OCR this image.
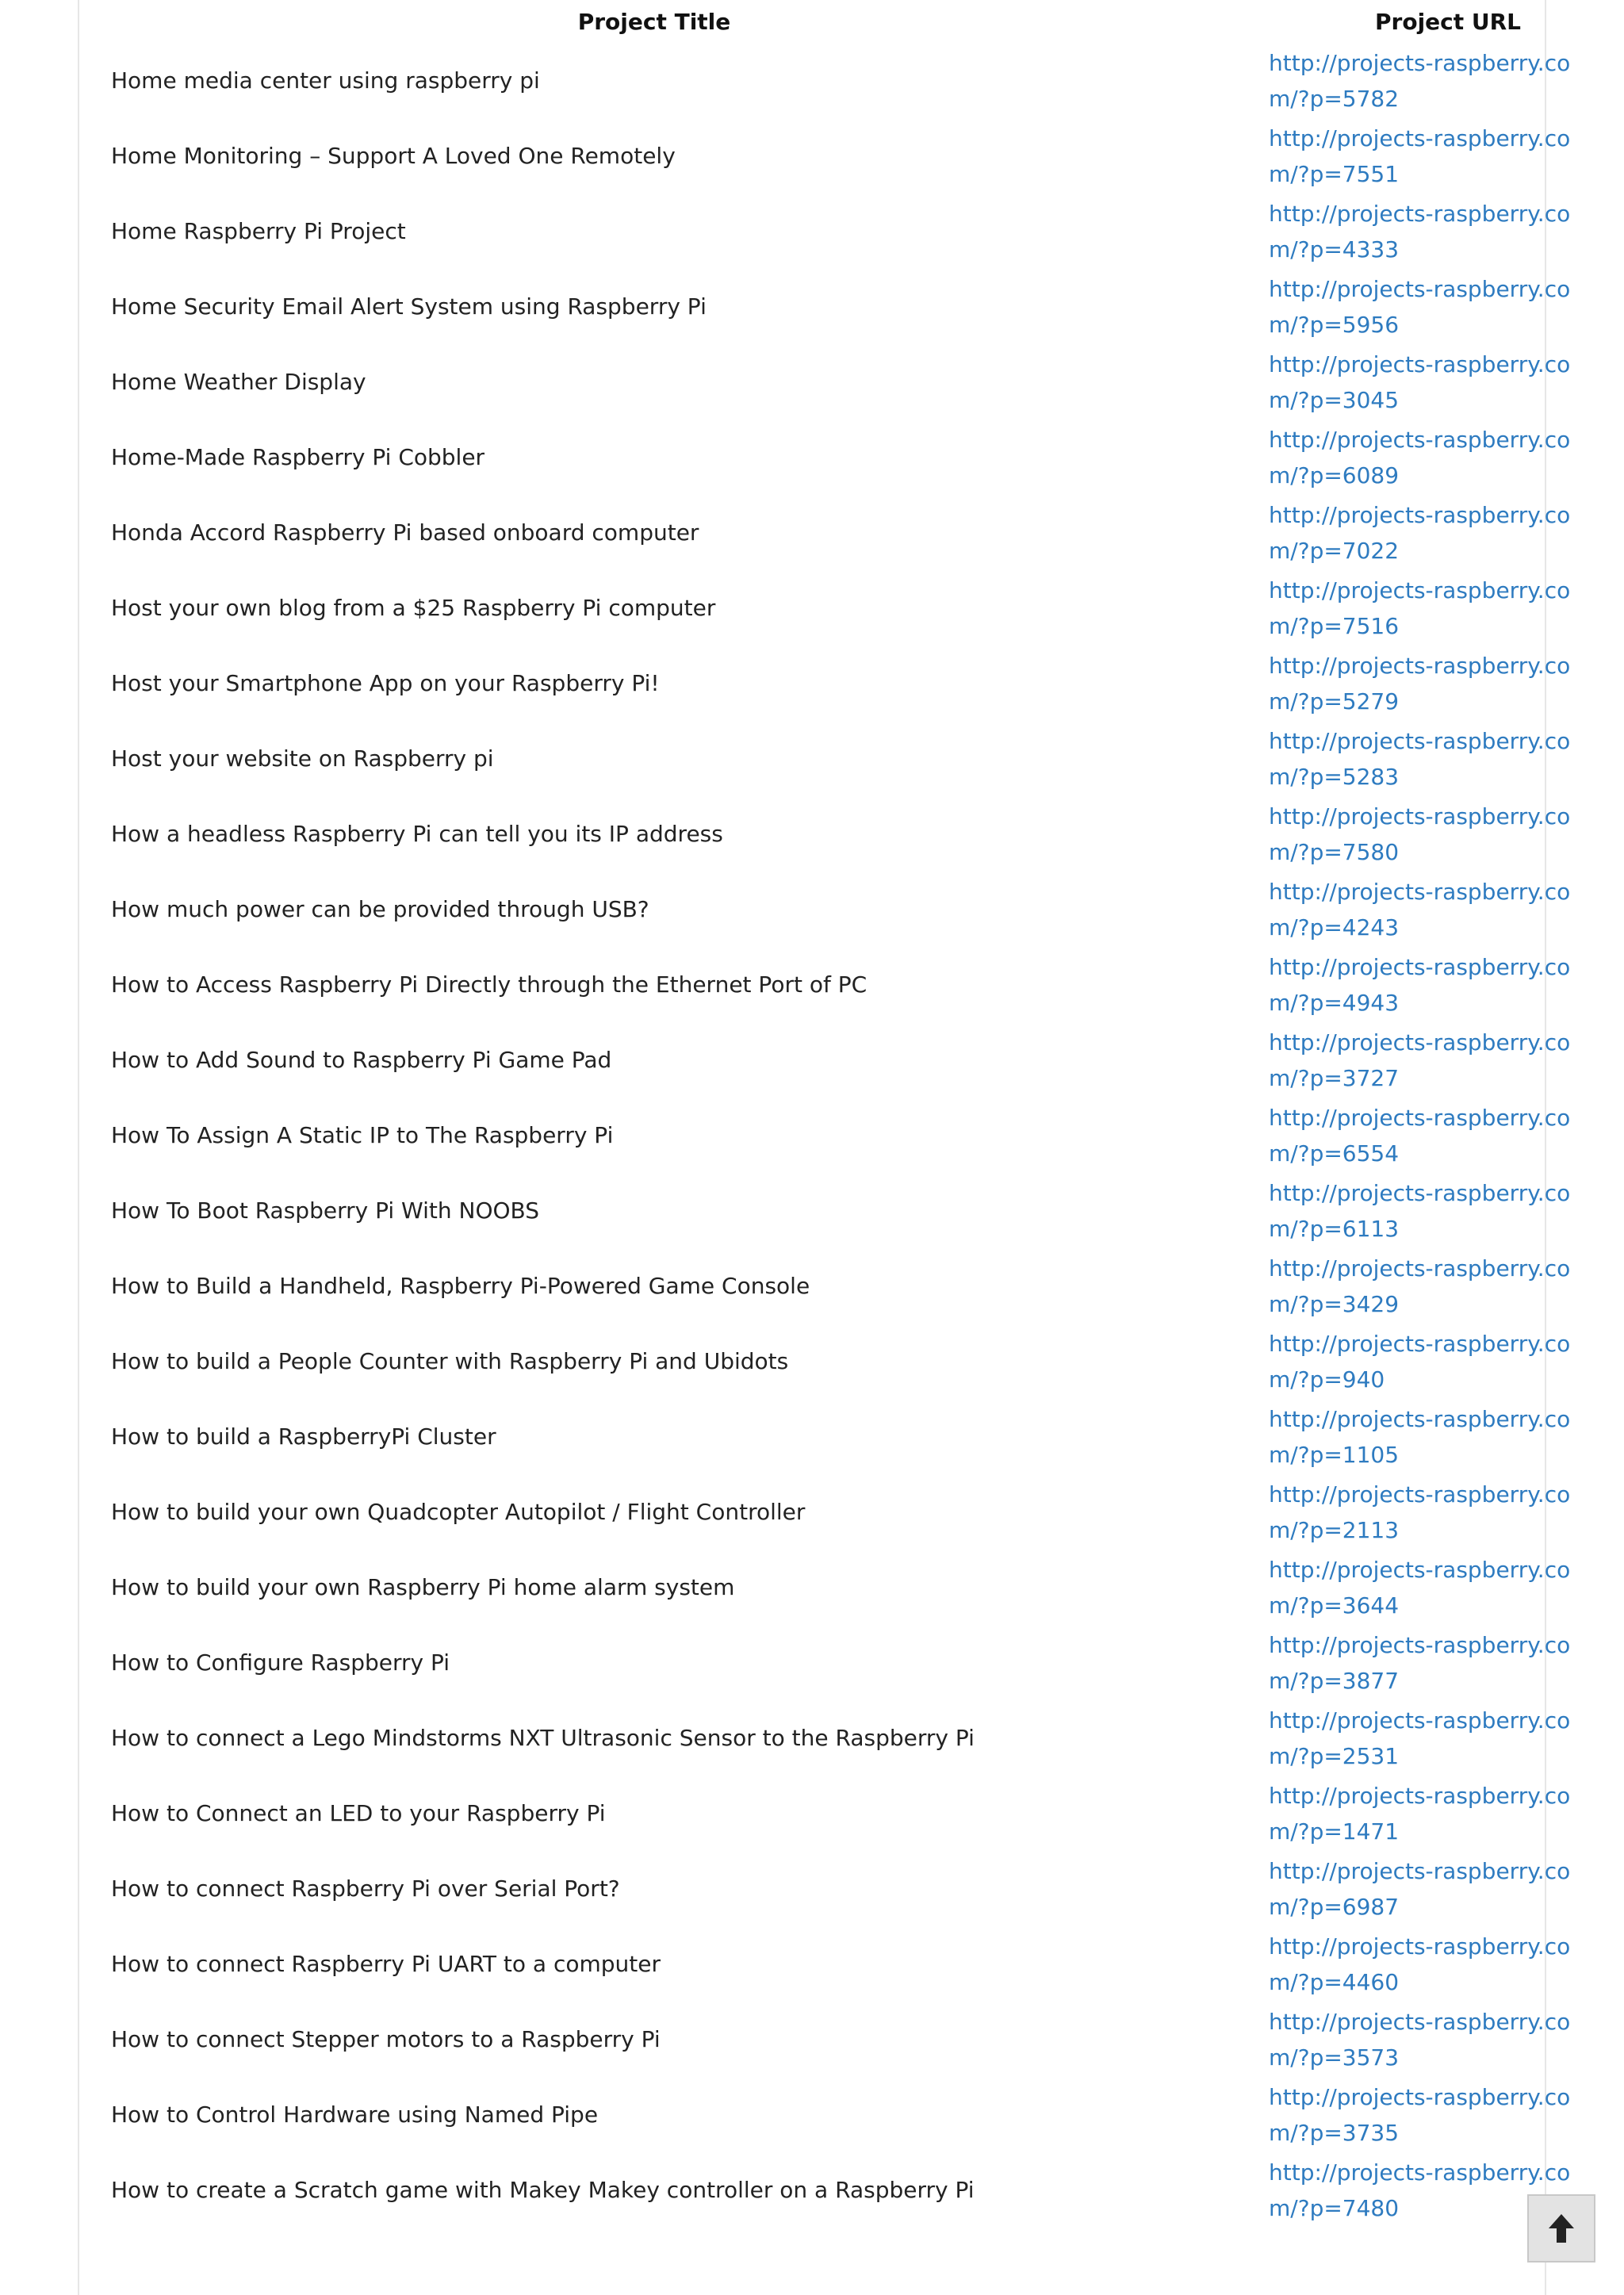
Project Title	Project URL
Home media center using raspberry pi	http://projects-raspberry.com/?p=5782

Home Monitoring – Support A Loved One Remotely	http://projects-raspberry.com/?p=7551

Home Raspberry Pi Project	http://projects-raspberry.com/?p=4333

Home Security Email Alert System using Raspberry Pi	http://projects-raspberry.com/?p=5956

Home Weather Display	http://projects-raspberry.com/?p=3045

Home-Made Raspberry Pi Cobbler	http://projects-raspberry.com/?p=6089

Honda Accord Raspberry Pi based onboard computer	http://projects-raspberry.com/?p=7022

Host your own blog from a $25 Raspberry Pi computer	http://projects-raspberry.com/?p=7516

Host your Smartphone App on your Raspberry Pi!	http://projects-raspberry.com/?p=5279

Host your website on Raspberry pi	http://projects-raspberry.com/?p=5283

How a headless Raspberry Pi can tell you its IP address	http://projects-raspberry.com/?p=7580

How much power can be provided through USB?	http://projects-raspberry.com/?p=4243

How to Access Raspberry Pi Directly through the Ethernet Port of PC	http://projects-raspberry.com/?p=4943

How to Add Sound to Raspberry Pi Game Pad	http://projects-raspberry.com/?p=3727

How To Assign A Static IP to The Raspberry Pi	http://projects-raspberry.com/?p=6554

How To Boot Raspberry Pi With NOOBS	http://projects-raspberry.com/?p=6113

How to Build a Handheld, Raspberry Pi-Powered Game Console	http://projects-raspberry.com/?p=3429

How to build a People Counter with Raspberry Pi and Ubidots	http://projects-raspberry.com/?p=940

How to build a RaspberryPi Cluster	http://projects-raspberry.com/?p=1105

How to build your own Quadcopter Autopilot / Flight Controller	http://projects-raspberry.com/?p=2113

How to build your own Raspberry Pi home alarm system	http://projects-raspberry.com/?p=3644

How to Configure Raspberry Pi	http://projects-raspberry.com/?p=3877

How to connect a Lego Mindstorms NXT Ultrasonic Sensor to the Raspberry Pi	http://projects-raspberry.com/?p=2531

How to Connect an LED to your Raspberry Pi	http://projects-raspberry.com/?p=1471

How to connect Raspberry Pi over Serial Port?	http://projects-raspberry.com/?p=6987

How to connect Raspberry Pi UART to a computer	http://projects-raspberry.com/?p=4460

How to connect Stepper motors to a Raspberry Pi	http://projects-raspberry.com/?p=3573

How to Control Hardware using Named Pipe	http://projects-raspberry.com/?p=3735

How to create a Scratch game with Makey Makey controller on a Raspberry Pi	http://projects-raspberry.com/?p=7480
